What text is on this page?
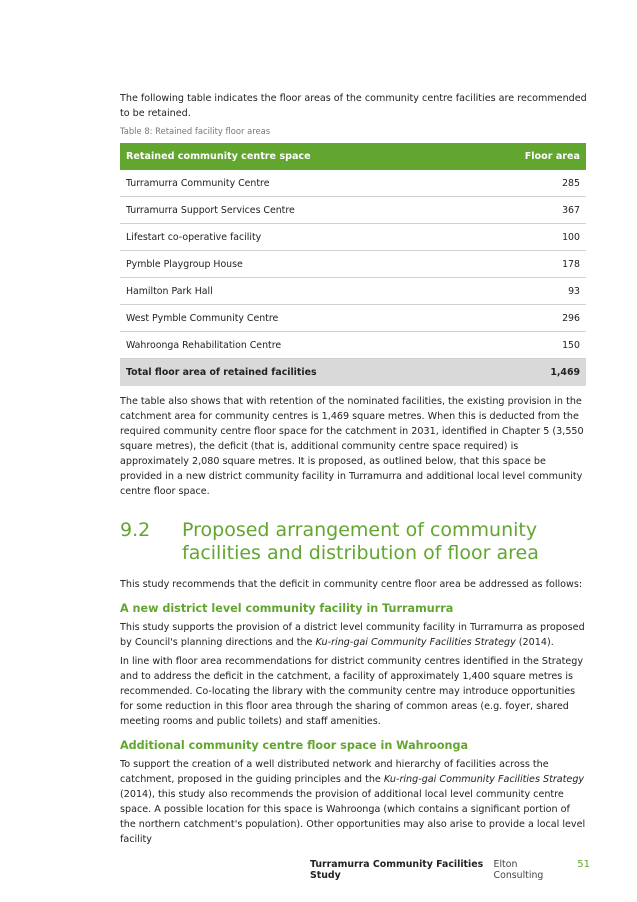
The following table indicates the floor areas of the community centre facilities are recommended to be retained.

Table 8: Retained facility floor areas

Retained community centre space	Floor area
Turramurra Community Centre	285
Turramurra Support Services Centre	367
Lifestart co-operative facility	100
Pymble Playgroup House	178
Hamilton Park Hall	93
West Pymble Community Centre	296
Wahroonga Rehabilitation Centre	150
Total floor area of retained facilities	1,469

The table also shows that with retention of the nominated facilities, the existing provision in the catchment area for community centres is 1,469 square metres. When this is deducted from the required community centre floor space for the catchment in 2031, identified in Chapter 5 (3,550 square metres), the deficit (that is, additional community centre space required) is approximately 2,080 square metres. It is proposed, as outlined below, that this space be provided in a new district community facility in Turramurra and additional local level community centre floor space.

9.2	Proposed arrangement of community facilities and distribution of floor area

This study recommends that the deficit in community centre floor area be addressed as follows:

A new district level community facility in Turramurra

This study supports the provision of a district level community facility in Turramurra as proposed by Council's planning directions and the Ku-ring-gai Community Facilities Strategy (2014).

In line with floor area recommendations for district community centres identified in the Strategy and to address the deficit in the catchment, a facility of approximately 1,400 square metres is recommended. Co-locating the library with the community centre may introduce opportunities for some reduction in this floor area through the sharing of common areas (e.g. foyer, shared meeting rooms and public toilets) and staff amenities.

Additional community centre floor space in Wahroonga

To support the creation of a well distributed network and hierarchy of facilities across the catchment, proposed in the guiding principles and the Ku-ring-gai Community Facilities Strategy (2014), this study also recommends the provision of additional local level community centre space. A possible location for this space is Wahroonga (which contains a significant portion of the northern catchment's population). Other opportunities may also arise to provide a local level facility

Turramurra Community Facilities Study
Elton Consulting
51
